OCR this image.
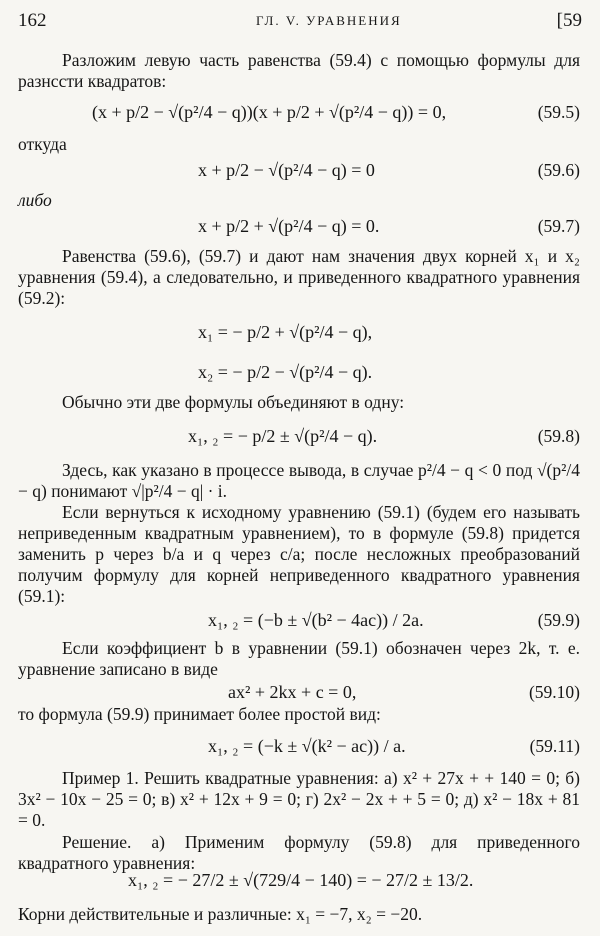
162	ГЛ. V. УРАВНЕНИЯ	[59
Разложим левую часть равенства (59.4) с помощью формулы для разнссти квадратов:
(x + p/2 − √(p²/4 − q))(x + p/2 + √(p²/4 − q)) = 0,	(59.5)
откуда
x + p/2 − √(p²/4 − q) = 0	(59.6)
либо
x + p/2 + √(p²/4 − q) = 0.	(59.7)
Равенства (59.6), (59.7) и дают нам значения двух корней x₁ и x₂ уравнения (59.4), а следовательно, и приведенного квадратного уравнения (59.2):
x₁ = − p/2 + √(p²/4 − q),
x₂ = − p/2 − √(p²/4 − q).
Обычно эти две формулы объединяют в одну:
x₁, ₂ = − p/2 ± √(p²/4 − q).	(59.8)
Здесь, как указано в процессе вывода, в случае p²/4 − q < 0 под √(p²/4 − q) понимают √|p²/4 − q| · i.
Если вернуться к исходному уравнению (59.1) (будем его называть неприведенным квадратным уравнением), то в формуле (59.8) придется заменить p через b/a и q через c/a; после несложных преобразований получим формулу для корней неприведенного квадратного уравнения (59.1):
x₁, ₂ = (−b ± √(b² − 4ac)) / 2a.	(59.9)
Если коэффициент b в уравнении (59.1) обозначен через 2k, т. е. уравнение записано в виде
ax² + 2kx + c = 0,	(59.10)
то формула (59.9) принимает более простой вид:
x₁, ₂ = (−k ± √(k² − ac)) / a.	(59.11)
Пример 1. Решить квадратные уравнения: а) x² + 27x + + 140 = 0; б) 3x² − 10x − 25 = 0; в) x² + 12x + 9 = 0; г) 2x² − 2x + + 5 = 0; д) x² − 18x + 81 = 0.
Решение. а) Применим формулу (59.8) для приведенного квадратного уравнения:
x₁, ₂ = − 27/2 ± √(729/4 − 140) = − 27/2 ± 13/2.
Корни действительные и различные: x₁ = −7, x₂ = −20.
